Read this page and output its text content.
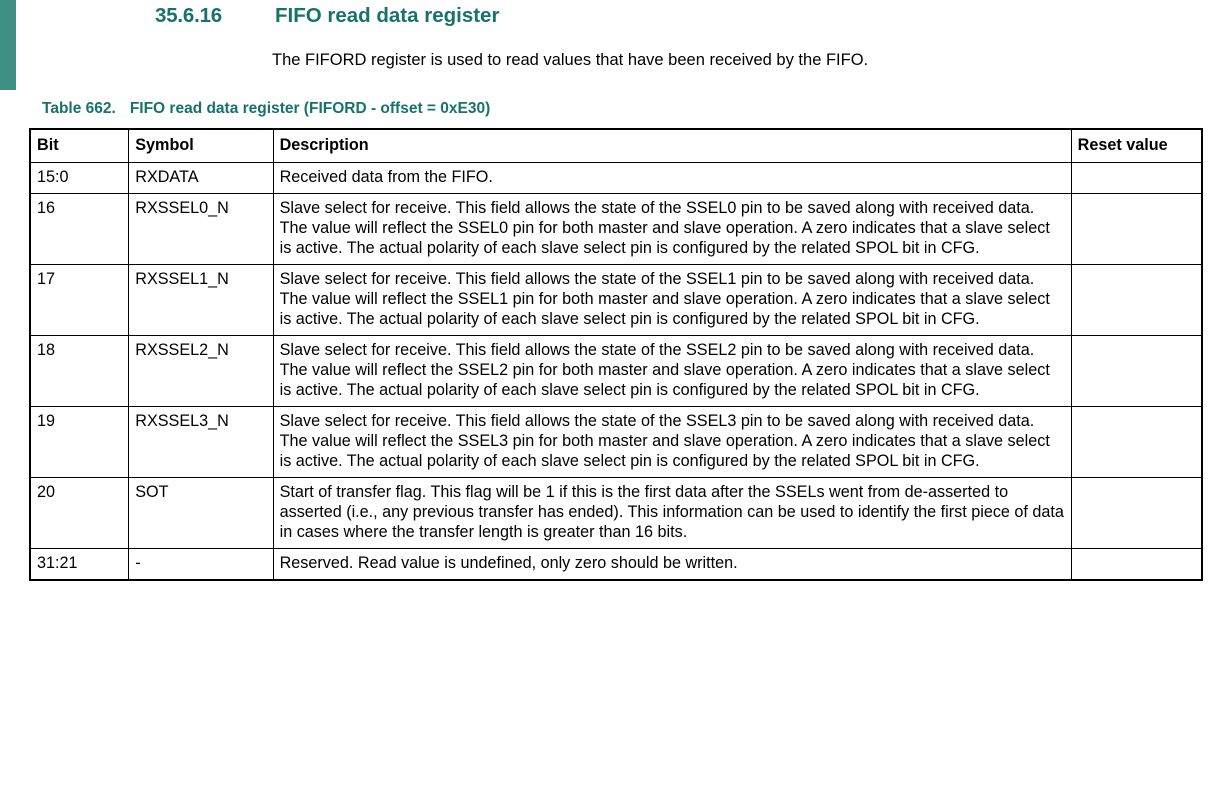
35.6.16	FIFO read data register
The FIFORD register is used to read values that have been received by the FIFO.
Table 662. FIFO read data register (FIFORD - offset = 0xE30)
Bit	Symbol	Description	Reset value
15:0	RXDATA	Received data from the FIFO.	
16	RXSSEL0_N	Slave select for receive. This field allows the state of the SSEL0 pin to be saved along with received data. The value will reflect the SSEL0 pin for both master and slave operation. A zero indicates that a slave select is active. The actual polarity of each slave select pin is configured by the related SPOL bit in CFG.	
17	RXSSEL1_N	Slave select for receive. This field allows the state of the SSEL1 pin to be saved along with received data. The value will reflect the SSEL1 pin for both master and slave operation. A zero indicates that a slave select is active. The actual polarity of each slave select pin is configured by the related SPOL bit in CFG.	
18	RXSSEL2_N	Slave select for receive. This field allows the state of the SSEL2 pin to be saved along with received data. The value will reflect the SSEL2 pin for both master and slave operation. A zero indicates that a slave select is active. The actual polarity of each slave select pin is configured by the related SPOL bit in CFG.	
19	RXSSEL3_N	Slave select for receive. This field allows the state of the SSEL3 pin to be saved along with received data. The value will reflect the SSEL3 pin for both master and slave operation. A zero indicates that a slave select is active. The actual polarity of each slave select pin is configured by the related SPOL bit in CFG.	
20	SOT	Start of transfer flag. This flag will be 1 if this is the first data after the SSELs went from de-asserted to asserted (i.e., any previous transfer has ended). This information can be used to identify the first piece of data in cases where the transfer length is greater than 16 bits.	
31:21	-	Reserved. Read value is undefined, only zero should be written.	
